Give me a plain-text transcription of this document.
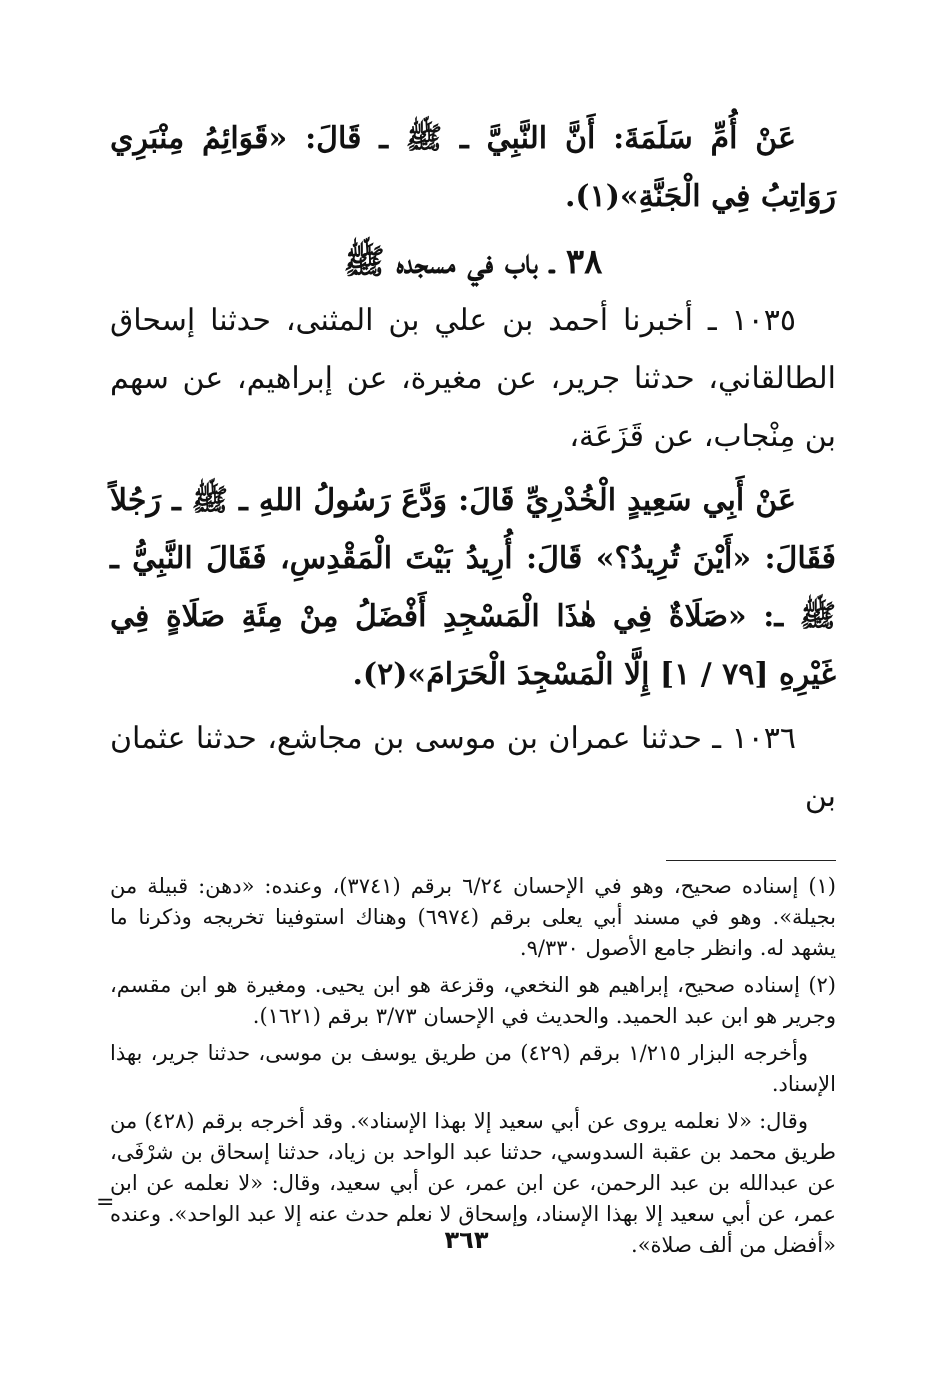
عَنْ أُمِّ سَلَمَةَ: أَنَّ النَّبِيَّ ـ ﷺ ـ قَالَ: «قَوَائِمُ مِنْبَرِي رَوَاتِبُ فِي الْجَنَّةِ»(١).

٣٨ ـ باب في مسجده ﷺ

١٠٣٥ ـ أخبرنا أحمد بن علي بن المثنى، حدثنا إسحاق الطالقاني، حدثنا جرير، عن مغيرة، عن إبراهيم، عن سهم بن مِنْجاب، عن قَزَعَة،

عَنْ أَبِي سَعِيدٍ الْخُدْرِيِّ قَالَ: وَدَّعَ رَسُولُ اللهِ ـ ﷺ ـ رَجُلاً فَقَالَ: «أَيْنَ تُرِيدُ؟» قَالَ: أُرِيدُ بَيْتَ الْمَقْدِسِ، فَقَالَ النَّبِيُّ ـ ﷺ ـ: «صَلَاةٌ فِي هٰذَا الْمَسْجِدِ أَفْضَلُ مِنْ مِئَةِ صَلَاةٍ فِي غَيْرِهِ [٧٩ / ١] إِلَّا الْمَسْجِدَ الْحَرَامَ»(٢).

١٠٣٦ ـ حدثنا عمران بن موسى بن مجاشع، حدثنا عثمان بن

(١) إسناده صحيح، وهو في الإحسان ٦/٢٤ برقم (٣٧٤١)، وعنده: «دهن: قبيلة من بجيلة». وهو في مسند أبي يعلى برقم (٦٩٧٤) وهناك استوفينا تخريجه وذكرنا ما يشهد له. وانظر جامع الأصول ٩/٣٣٠.

(٢) إسناده صحيح، إبراهيم هو النخعي، وقزعة هو ابن يحيى. ومغيرة هو ابن مقسم، وجرير هو ابن عبد الحميد. والحديث في الإحسان ٣/٧٣ برقم (١٦٢١).

وأخرجه البزار ١/٢١٥ برقم (٤٢٩) من طريق يوسف بن موسى، حدثنا جرير، بهذا الإسناد.

وقال: «لا نعلمه يروى عن أبي سعيد إلا بهذا الإسناد». وقد أخرجه برقم (٤٢٨) من طريق محمد بن عقبة السدوسي، حدثنا عبد الواحد بن زياد، حدثنا إسحاق بن شرْفَى، عن عبدالله بن عبد الرحمن، عن ابن عمر، عن أبي سعيد، وقال: «لا نعلمه عن ابن عمر، عن أبي سعيد إلا بهذا الإسناد، وإسحاق لا نعلم حدث عنه إلا عبد الواحد». وعنده «أفضل من ألف صلاة».

=
٣٦٣
